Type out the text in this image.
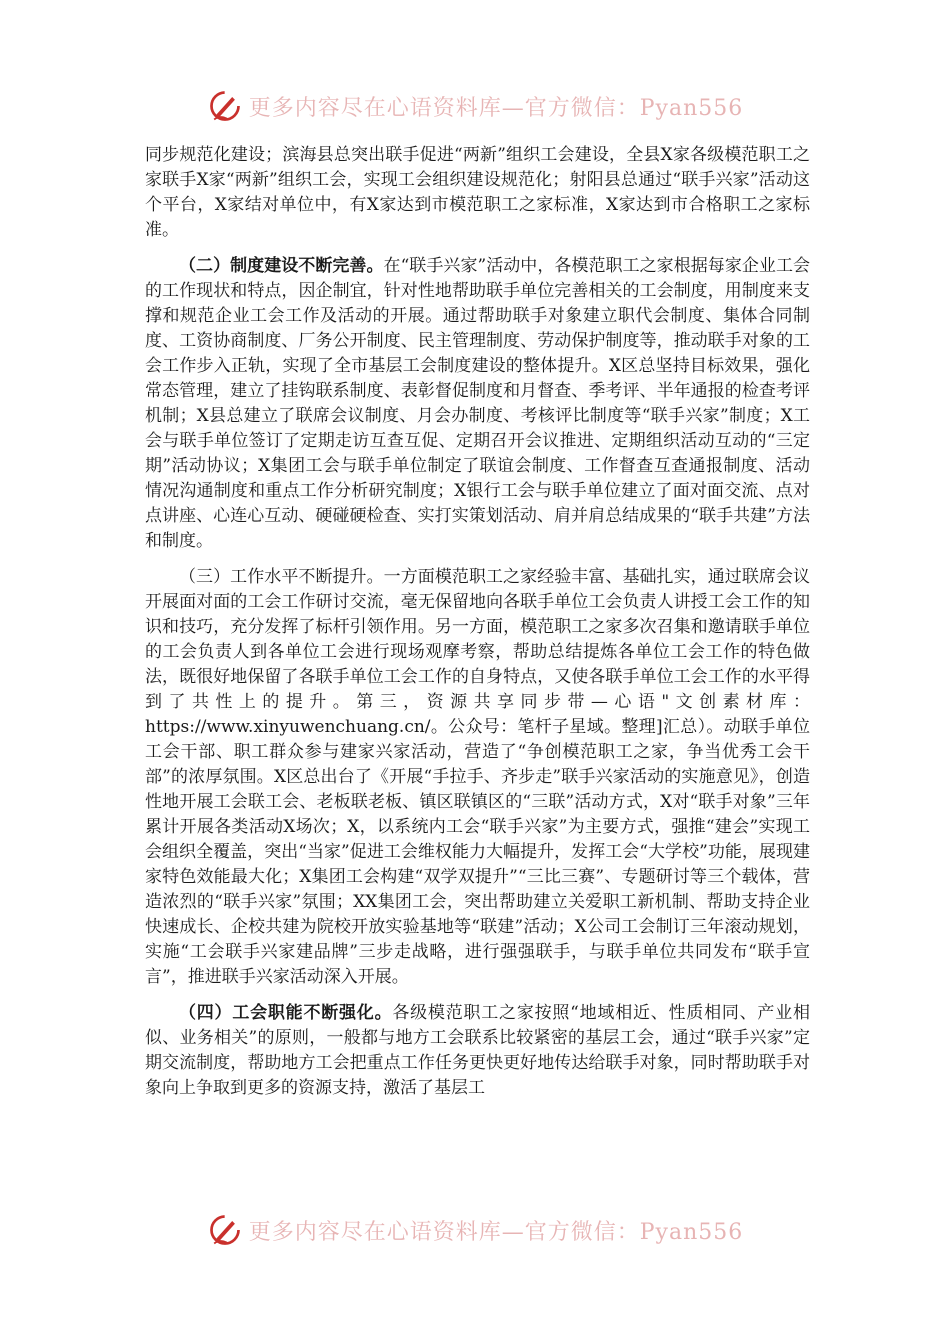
更多内容尽在心语资料库—官方微信：Pyan556

同步规范化建设；滨海县总突出联手促进“两新”组织工会建设，全县X家各级模范职工之家联手X家“两新”组织工会，实现工会组织建设规范化；射阳县总通过“联手兴家”活动这个平台，X家结对单位中，有X家达到市模范职工之家标准，X家达到市合格职工之家标准。

（二）制度建设不断完善。在“联手兴家”活动中，各模范职工之家根据每家企业工会的工作现状和特点，因企制宜，针对性地帮助联手单位完善相关的工会制度，用制度来支撑和规范企业工会工作及活动的开展。通过帮助联手对象建立职代会制度、集体合同制度、工资协商制度、厂务公开制度、民主管理制度、劳动保护制度等，推动联手对象的工会工作步入正轨，实现了全市基层工会制度建设的整体提升。X区总坚持目标效果，强化常态管理，建立了挂钩联系制度、表彰督促制度和月督查、季考评、半年通报的检查考评机制；X县总建立了联席会议制度、月会办制度、考核评比制度等“联手兴家”制度；X工会与联手单位签订了定期走访互查互促、定期召开会议推进、定期组织活动互动的“三定期”活动协议；X集团工会与联手单位制定了联谊会制度、工作督查互查通报制度、活动情况沟通制度和重点工作分析研究制度；X银行工会与联手单位建立了面对面交流、点对点讲座、心连心互动、硬碰硬检查、实打实策划活动、肩并肩总结成果的“联手共建”方法和制度。

（三）工作水平不断提升。一方面模范职工之家经验丰富、基础扎实，通过联席会议开展面对面的工会工作研讨交流，毫无保留地向各联手单位工会负责人讲授工会工作的知识和技巧，充分发挥了标杆引领作用。另一方面，模范职工之家多次召集和邀请联手单位的工会负责人到各单位工会进行现场观摩考察，帮助总结提炼各单位工会工作的特色做法，既很好地保留了各联手单位工会工作的自身特点，又使各联手单位工会工作的水平得到了共性上的提升。第三，资源共享同步带—心语"文创素材库：https://www.xinyuwenchuang.cn/。公众号：笔杆子星域。整理]汇总）。动联手单位工会干部、职工群众参与建家兴家活动，营造了“争创模范职工之家，争当优秀工会干部”的浓厚氛围。X区总出台了《开展“手拉手、齐步走”联手兴家活动的实施意见》，创造性地开展工会联工会、老板联老板、镇区联镇区的“三联”活动方式，X对“联手对象”三年累计开展各类活动X场次；X，以系统内工会“联手兴家”为主要方式，强推“建会”实现工会组织全覆盖，突出“当家”促进工会维权能力大幅提升，发挥工会“大学校”功能，展现建家特色效能最大化；X集团工会构建“双学双提升”“三比三赛”、专题研讨等三个载体，营造浓烈的“联手兴家”氛围；XX集团工会，突出帮助建立关爱职工新机制、帮助支持企业快速成长、企校共建为院校开放实验基地等“联建”活动；X公司工会制订三年滚动规划，实施“工会联手兴家建品牌”三步走战略，进行强强联手，与联手单位共同发布“联手宣言”，推进联手兴家活动深入开展。

（四）工会职能不断强化。各级模范职工之家按照“地域相近、性质相同、产业相似、业务相关”的原则，一般都与地方工会联系比较紧密的基层工会，通过“联手兴家”定期交流制度，帮助地方工会把重点工作任务更快更好地传达给联手对象，同时帮助联手对象向上争取到更多的资源支持，激活了基层工

更多内容尽在心语资料库—官方微信：Pyan556
